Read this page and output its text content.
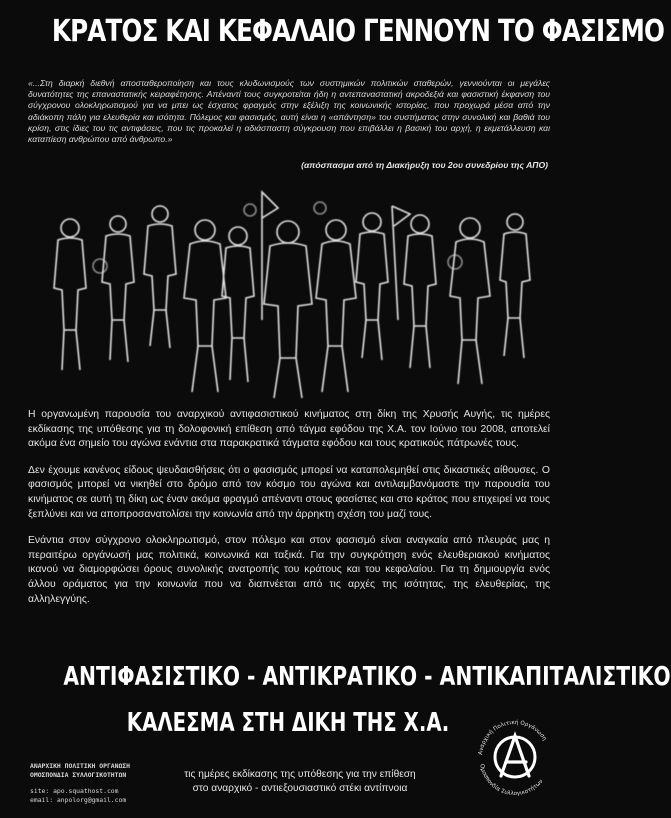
ΚΡΑΤΟΣ ΚΑΙ ΚΕΦΑΛΑΙΟ ΓΕΝΝΟΥΝ ΤΟ ΦΑΣΙΣΜΟ
«...Στη διαρκή διεθνή αποσταθεροποίηση και τους κλυδωνισμούς των συστημικών πολιτικών σταθερών, γεννιούνται οι μεγάλες δυνατότητες της επαναστατικής κειραφέτησης. Απέναντί τους συγκροτείται ήδη η αντεπαναστατική ακροδεξιά και φασιστική έκφανση του σύγχρονου ολοκληρωτισμού για να μπει ως έσχατος φραγμός στην εξέλιξη της κοινωνικής ιστορίας, που προχωρά μέσα από την αδιάκοπη πάλη για ελευθερία και ισότητα. Πόλεμος και φασισμός, αυτή είναι η «απάντηση» του συστήματος στην συνολική και βαθιά του κρίση, στις ίδιες του τις αντιφάσεις, που τις προκαλεί η αδιάσπαστη σύγκρουση που επιβάλλει η βασική του αρχή, η εκμετάλλευση και καταπίεση ανθρώπου από άνθρωπο.»
(απόσπασμα από τη Διακήρυξη του 2ου συνεδρίου της ΑΠΟ)

Η οργανωμένη παρουσία του αναρχικού αντιφασιστικού κινήματος στη δίκη της Χρυσής Αυγής, τις ημέρες εκδίκασης της υπόθεσης για τη δολοφονική επίθεση από τάγμα εφόδου της Χ.Α. τον Ιούνιο του 2008, αποτελεί ακόμα ένα σημείο του αγώνα ενάντια στα παρακρατικά τάγματα εφόδου και τους κρατικούς πάτρωνές τους.

Δεν έχουμε κανένος είδους ψευδαισθήσεις ότι ο φασισμός μπορεί να καταπολεμηθεί στις δικαστικές αίθουσες. Ο φασισμός μπορεί να νικηθεί στο δρόμο από τον κόσμο του αγώνα και αντιλαμβανόμαστε την παρουσία του κινήματος σε αυτή τη δίκη ως έναν ακόμα φραγμό απέναντι στους φασίστες και στο κράτος που επιχειρεί να τους ξεπλύνει και να αποπροσανατολίσει την κοινωνία από την άρρηκτη σχέση του μαζί τους.

Ενάντια στον σύγχρονο ολοκληρωτισμό, στον πόλεμο και στον φασισμό είναι αναγκαία από πλευράς μας η περαιτέρω οργάνωσή μας πολιτικά, κοινωνικά και ταξικά. Για την συγκρότηση ενός ελευθεριακού κινήματος ικανού να διαμορφώσει όρους συνολικής ανατροπής του κράτους και του κεφαλαίου. Για τη δημιουργία ενός άλλου οράματος για την κοινωνία που να διαπνέεται από τις αρχές της ισότητας, της ελευθερίας, της αλληλεγγύης.

ΑΝΤΙΦΑΣΙΣΤΙΚΟ - ΑΝΤΙΚΡΑΤΙΚΟ - ΑΝΤΙΚΑΠΙΤΑΛΙΣΤΙΚΟ
ΚΑΛΕΣΜΑ ΣΤΗ ΔΙΚΗ ΤΗΣ Χ.Α.
ΑΝΑΡΧΙΚΗ ΠΟΛΙΤΙΚΗ ΟΡΓΑΝΩΣΗ
ΟΜΟΣΠΟΝΔΙΑ ΣΥΛΛΟΓΙΚΟΤΗΤΩΝ
site: apo.squathost.com
email: anpolorg@gmail.com
τις ημέρες εκδίκασης της υπόθεσης για την επίθεση
στο αναρχικό - αντιεξουσιαστικό στέκι αντίπνοια
Αναρχική Πολιτική Οργάνωση
Ομοσπονδία Συλλογικοτήτων
